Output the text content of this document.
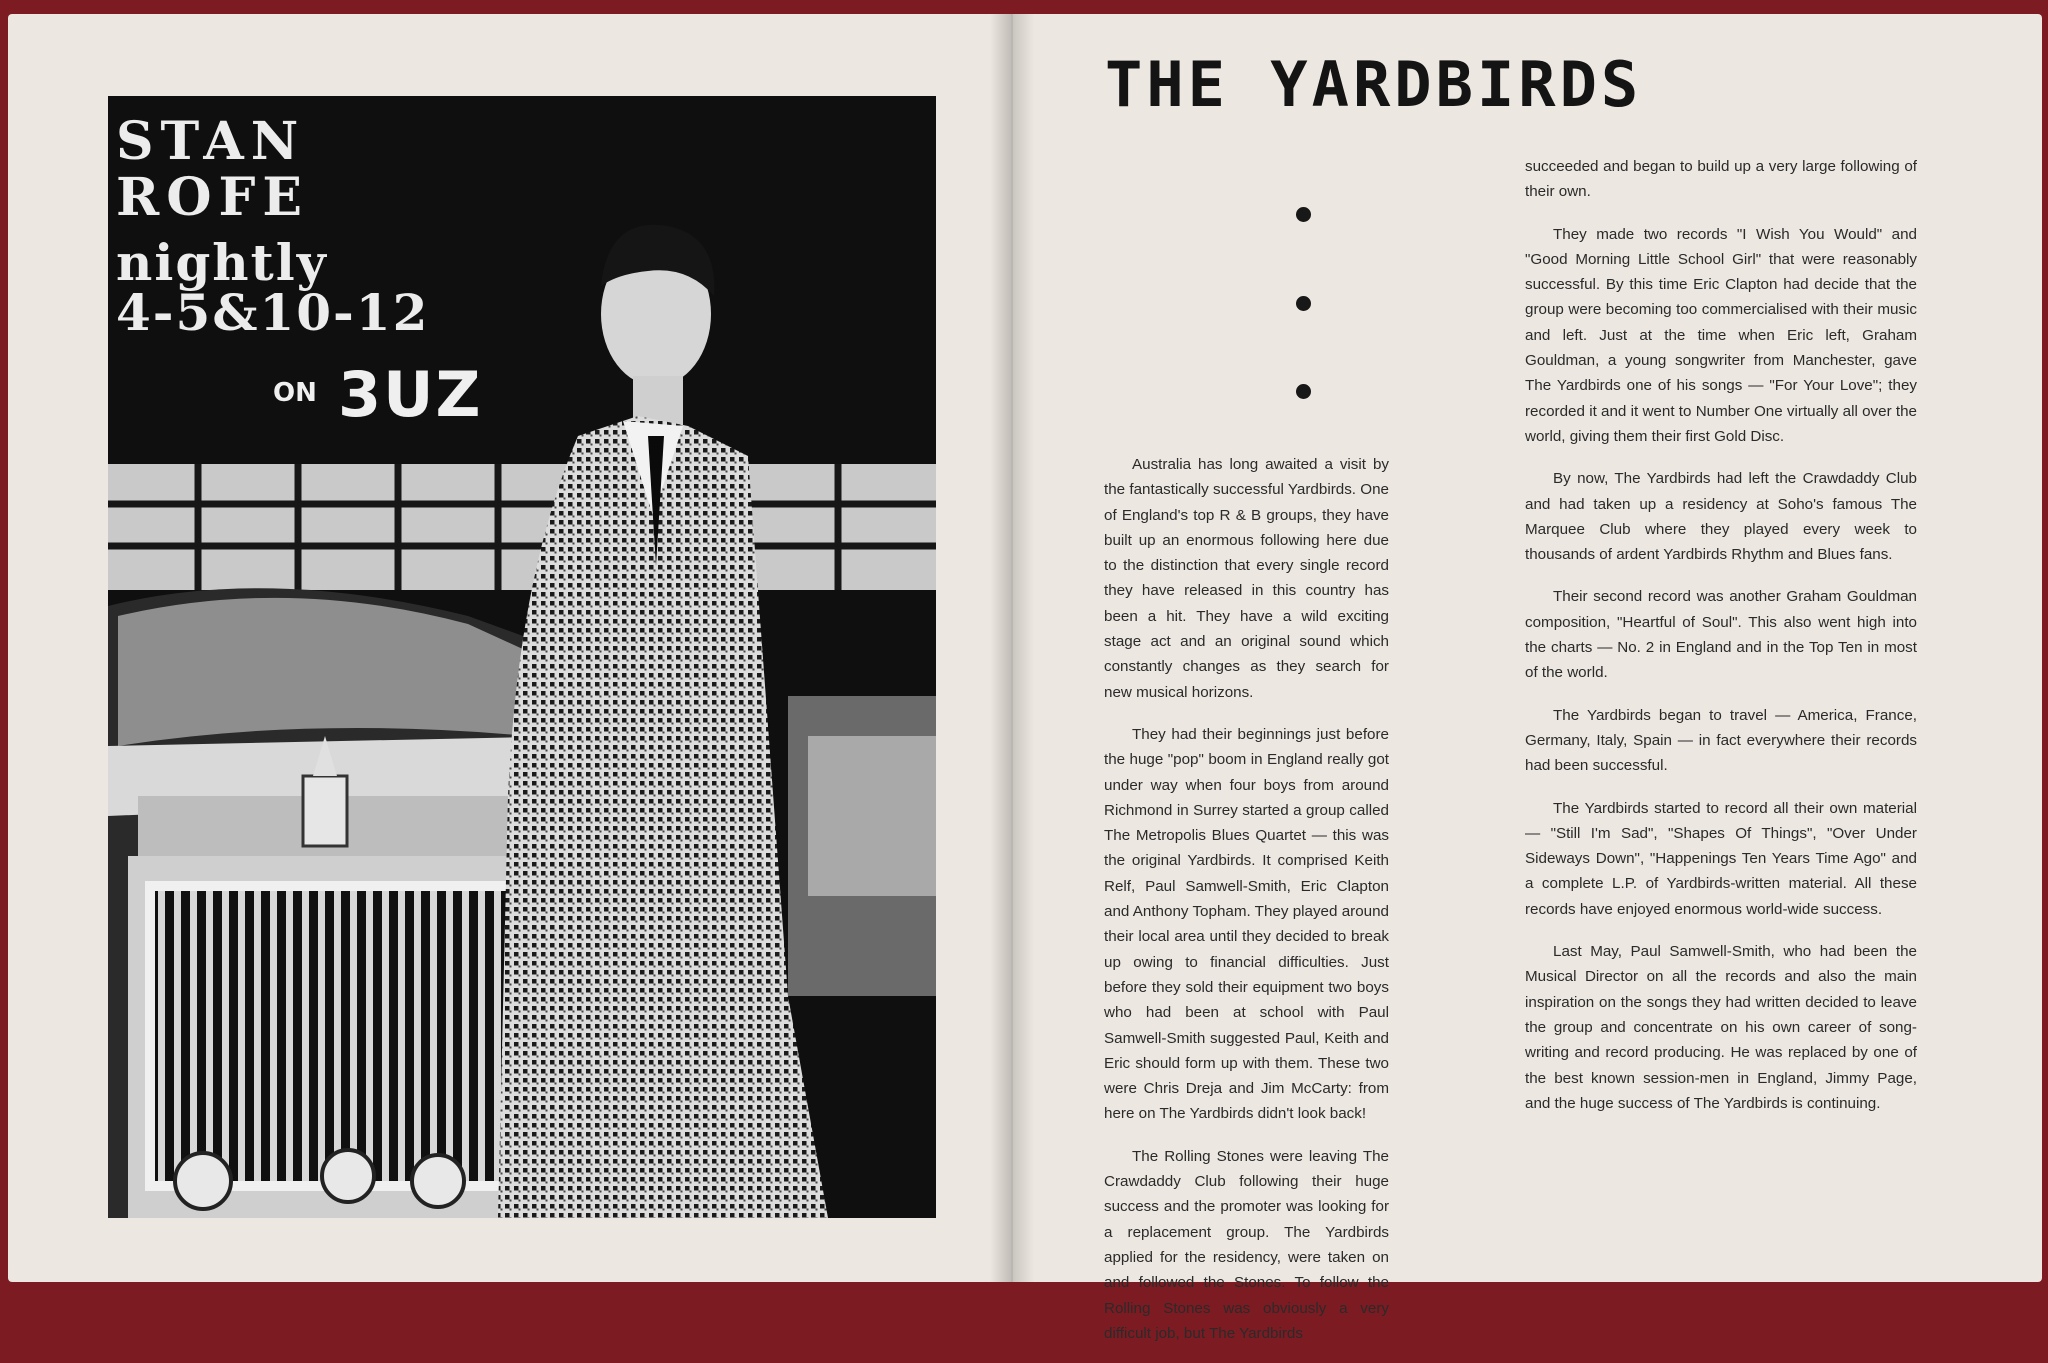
STAN
ROFE
nightly
4-5&10-12
ON 3UZ
THE YARDBIRDS

Australia has long awaited a visit by the fantastically successful Yardbirds. One of England's top R & B groups, they have built up an enormous following here due to the distinction that every single record they have released in this country has been a hit. They have a wild exciting stage act and an original sound which constantly changes as they search for new musical horizons.

They had their beginnings just before the huge "pop" boom in England really got under way when four boys from around Richmond in Surrey started a group called The Metropolis Blues Quartet — this was the original Yardbirds. It comprised Keith Relf, Paul Samwell-Smith, Eric Clapton and Anthony Topham. They played around their local area until they decided to break up owing to financial difficulties. Just before they sold their equipment two boys who had been at school with Paul Samwell-Smith suggested Paul, Keith and Eric should form up with them. These two were Chris Dreja and Jim McCarty: from here on The Yardbirds didn't look back!

The Rolling Stones were leaving The Crawdaddy Club following their huge success and the promoter was looking for a replacement group. The Yardbirds applied for the residency, were taken on and followed the Stones. To follow the Rolling Stones was obviously a very difficult job, but The Yardbirds

succeeded and began to build up a very large following of their own.

They made two records "I Wish You Would" and "Good Morning Little School Girl" that were reasonably successful. By this time Eric Clapton had decide that the group were becoming too commercialised with their music and left. Just at the time when Eric left, Graham Gouldman, a young songwriter from Manchester, gave The Yardbirds one of his songs — "For Your Love"; they recorded it and it went to Number One virtually all over the world, giving them their first Gold Disc.

By now, The Yardbirds had left the Crawdaddy Club and had taken up a residency at Soho's famous The Marquee Club where they played every week to thousands of ardent Yardbirds Rhythm and Blues fans.

Their second record was another Graham Gouldman composition, "Heartful of Soul". This also went high into the charts — No. 2 in England and in the Top Ten in most of the world.

The Yardbirds began to travel — America, France, Germany, Italy, Spain — in fact everywhere their records had been successful.

The Yardbirds started to record all their own material — "Still I'm Sad", "Shapes Of Things", "Over Under Sideways Down", "Happenings Ten Years Time Ago" and a complete L.P. of Yardbirds-written material. All these records have enjoyed enormous world-wide success.

Last May, Paul Samwell-Smith, who had been the Musical Director on all the records and also the main inspiration on the songs they had written decided to leave the group and concentrate on his own career of song-writing and record producing. He was replaced by one of the best known session-men in England, Jimmy Page, and the huge success of The Yardbirds is continuing.
